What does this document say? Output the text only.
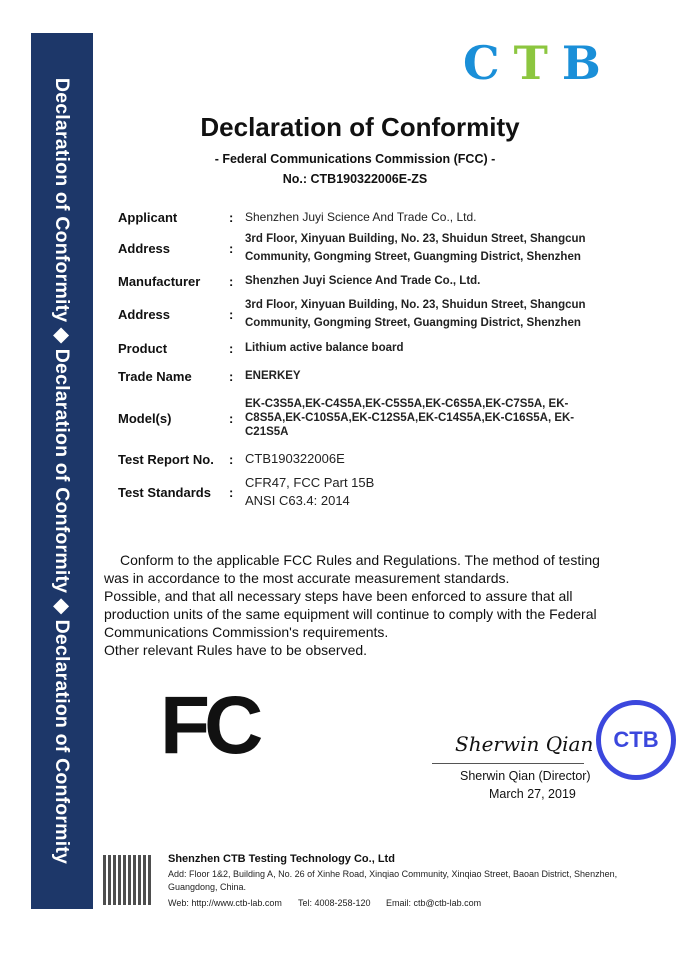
Declaration of Conformity ◆ Declaration of Conformity ◆ Declaration of Conformity
CTB
Declaration of Conformity
- Federal Communications Commission (FCC) -
No.: CTB190322006E-ZS
Applicant	: Shenzhen Juyi Science And Trade Co., Ltd.
Address	:
3rd Floor, Xinyuan Building, No. 23, Shuidun Street, Shangcun Community, Gongming Street, Guangming District, Shenzhen
Manufacturer	:	Shenzhen Juyi Science And Trade Co., Ltd.
Address	:
3rd Floor, Xinyuan Building, No. 23, Shuidun Street, Shangcun Community, Gongming Street, Guangming District, Shenzhen
Product	:	Lithium active balance board
Trade Name	:	ENERKEY
Model(s)	:
EK-C3S5A,EK-C4S5A,EK-C5S5A,EK-C6S5A,EK-C7S5A, EK-C8S5A,EK-C10S5A,EK-C12S5A,EK-C14S5A,EK-C16S5A, EK-C21S5A
Test Report No.	: CTB190322006E
Test Standards	:
CFR47, FCC Part 15B
ANSI C63.4: 2014

Conform to the applicable FCC Rules and Regulations. The method of testing was in accordance to the most accurate measurement standards.

Possible, and that all necessary steps have been enforced to assure that all production units of the same equipment will continue to comply with the Federal Communications Commission's requirements.

Other relevant Rules have to be observed.

FC	Sherwin Qian CTB
Sherwin Qian (Director)
March 27, 2019
Shenzhen CTB Testing Technology Co., Ltd
Add: Floor 1&2, Building A, No. 26 of Xinhe Road, Xinqiao Community, Xinqiao Street, Baoan District, Shenzhen, Guangdong, China.
Web: http://www.ctb-lab.com Tel: 4008-258-120 Email: ctb@ctb-lab.com
